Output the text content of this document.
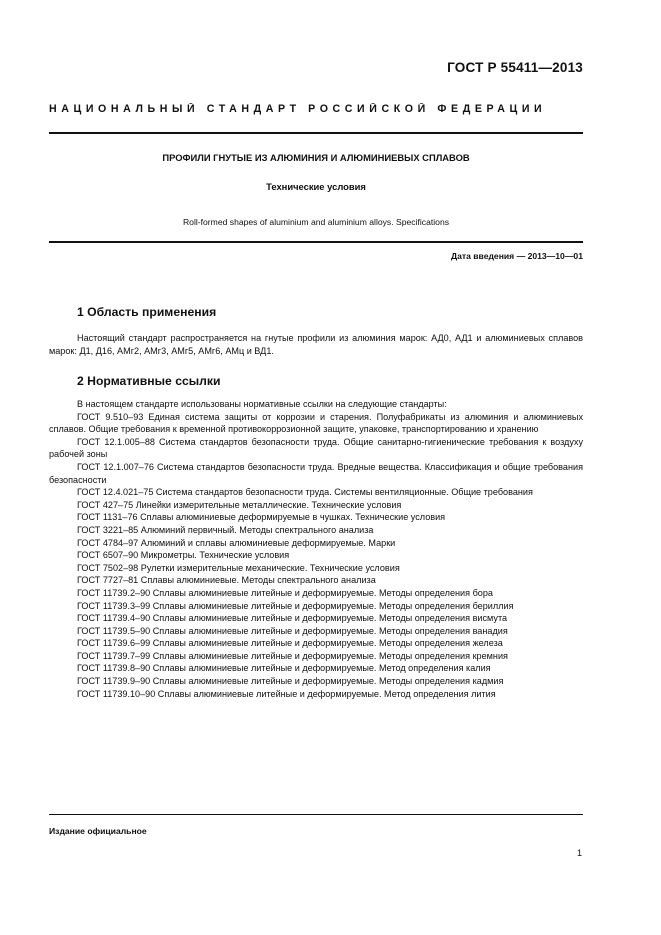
ГОСТ Р 55411—2013
НАЦИОНАЛЬНЫЙ СТАНДАРТ РОССИЙСКОЙ ФЕДЕРАЦИИ
ПРОФИЛИ ГНУТЫЕ ИЗ АЛЮМИНИЯ И АЛЮМИНИЕВЫХ СПЛАВОВ
Технические условия
Roll-formed shapes of aluminium and aluminium alloys. Specifications
Дата введения — 2013—10—01
1 Область применения

Настоящий стандарт распространяется на гнутые профили из алюминия марок: АД0, АД1 и алюминиевых сплавов марок: Д1, Д16, АМг2, АМг3, АМг5, АМг6, АМц и ВД1.

2 Нормативные ссылки

В настоящем стандарте использованы нормативные ссылки на следующие стандарты:

ГОСТ 9.510–93 Единая система защиты от коррозии и старения. Полуфабрикаты из алюминия и алюминиевых сплавов. Общие требования к временной противокоррозионной защите, упаковке, транспортированию и хранению

ГОСТ 12.1.005–88 Система стандартов безопасности труда. Общие санитарно-гигиенические требования к воздуху рабочей зоны

ГОСТ 12.1.007–76 Система стандартов безопасности труда. Вредные вещества. Классификация и общие требования безопасности

ГОСТ 12.4.021–75 Система стандартов безопасности труда. Системы вентиляционные. Общие требования

ГОСТ 427–75 Линейки измерительные металлические. Технические условия

ГОСТ 1131–76 Сплавы алюминиевые деформируемые в чушках. Технические условия

ГОСТ 3221–85 Алюминий первичный. Методы спектрального анализа

ГОСТ 4784–97 Алюминий и сплавы алюминиевые деформируемые. Марки

ГОСТ 6507–90 Микрометры. Технические условия

ГОСТ 7502–98 Рулетки измерительные механические. Технические условия

ГОСТ 7727–81 Сплавы алюминиевые. Методы спектрального анализа

ГОСТ 11739.2–90 Сплавы алюминиевые литейные и деформируемые. Методы определения бора

ГОСТ 11739.3–99 Сплавы алюминиевые литейные и деформируемые. Методы определения бериллия

ГОСТ 11739.4–90 Сплавы алюминиевые литейные и деформируемые. Методы определения висмута

ГОСТ 11739.5–90 Сплавы алюминиевые литейные и деформируемые. Методы определения ванадия

ГОСТ 11739.6–99 Сплавы алюминиевые литейные и деформируемые. Методы определения железа

ГОСТ 11739.7–99 Сплавы алюминиевые литейные и деформируемые. Методы определения кремния

ГОСТ 11739.8–90 Сплавы алюминиевые литейные и деформируемые. Метод определения калия

ГОСТ 11739.9–90 Сплавы алюминиевые литейные и деформируемые. Методы определения кадмия

ГОСТ 11739.10–90 Сплавы алюминиевые литейные и деформируемые. Метод определения лития

Издание официальное
1
